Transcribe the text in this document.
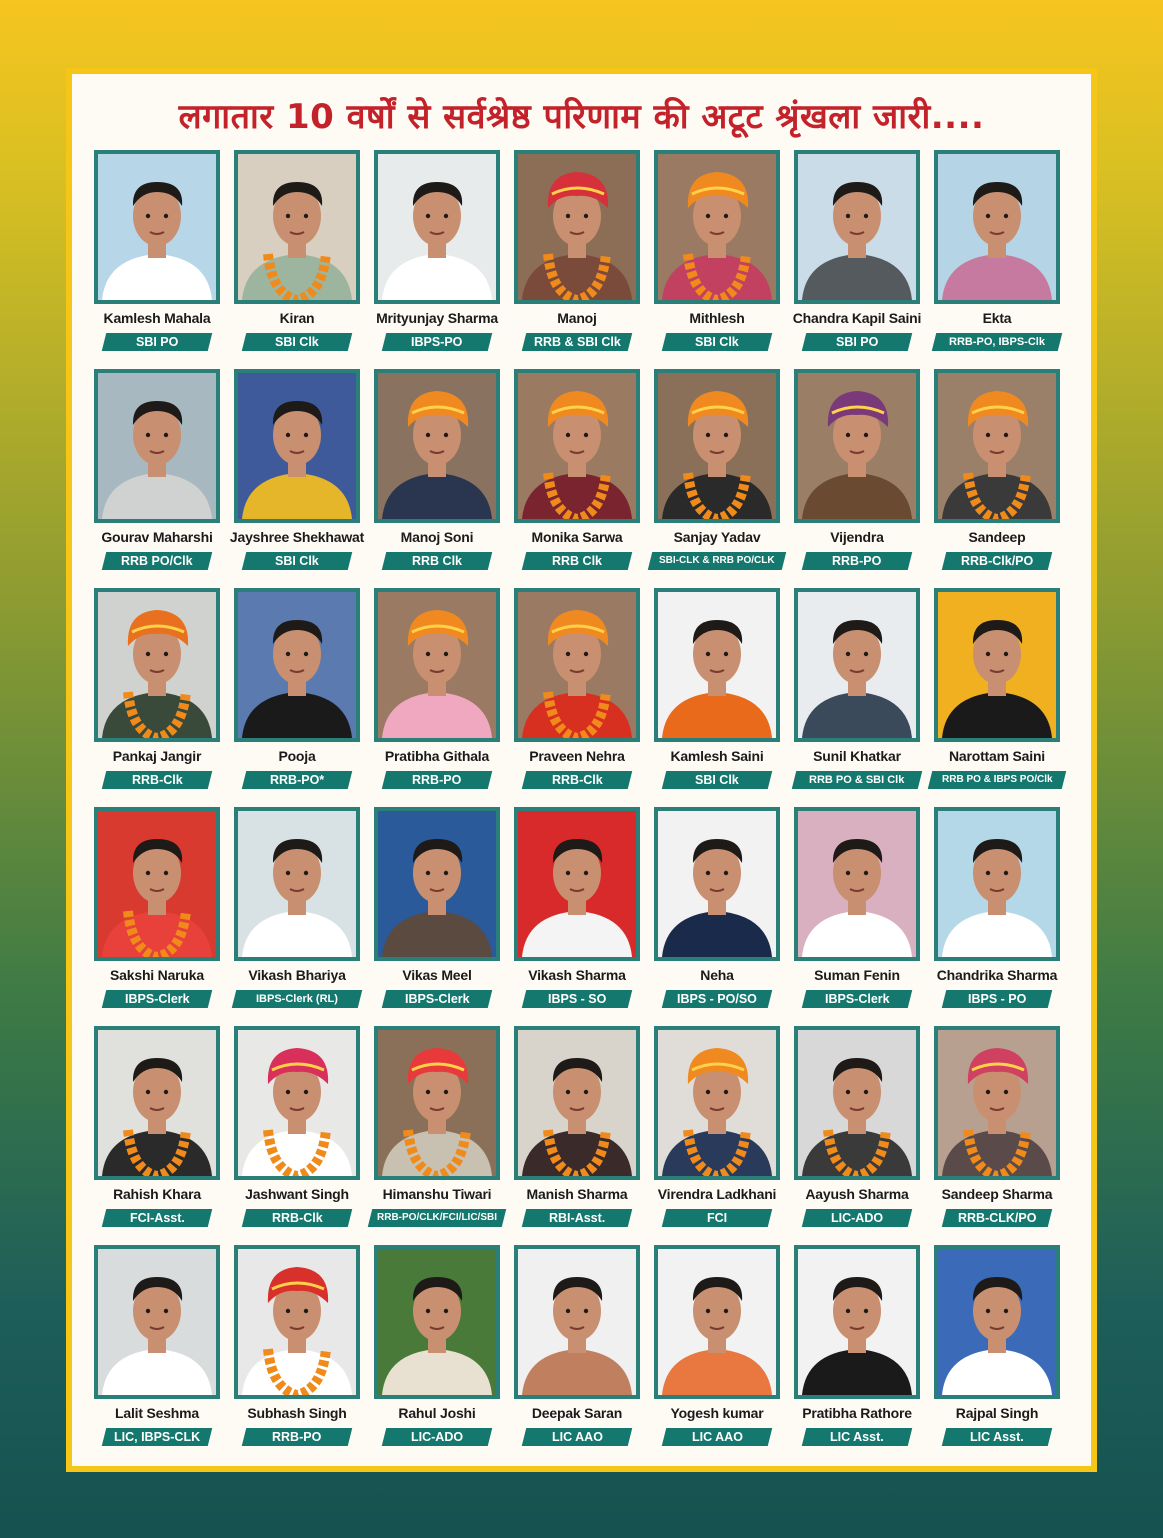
लगातार 10 वर्षों से सर्वश्रेष्ठ परिणाम की अटूट श्रृंखला जारी....
Kamlesh Mahala
SBI PO
Kiran
SBI Clk
Mrityunjay Sharma
IBPS-PO
Manoj
RRB & SBI Clk
Mithlesh
SBI Clk
Chandra Kapil Saini
SBI PO
Ekta
RRB-PO, IBPS-Clk
Gourav Maharshi
RRB PO/Clk
Jayshree Shekhawat
SBI Clk
Manoj Soni
RRB Clk
Monika Sarwa
RRB Clk
Sanjay Yadav
SBI-CLK & RRB PO/CLK
Vijendra
RRB-PO
Sandeep
RRB-Clk/PO
Pankaj Jangir
RRB-Clk
Pooja
RRB-PO*
Pratibha Githala
RRB-PO
Praveen Nehra
RRB-Clk
Kamlesh Saini
SBI Clk
Sunil Khatkar
RRB PO & SBI Clk
Narottam Saini
RRB PO & IBPS PO/Clk
Sakshi Naruka
IBPS-Clerk
Vikash Bhariya
IBPS-Clerk (RL)
Vikas Meel
IBPS-Clerk
Vikash Sharma
IBPS - SO
Neha
IBPS - PO/SO
Suman Fenin
IBPS-Clerk
Chandrika Sharma
IBPS - PO
Rahish Khara
FCI-Asst.
Jashwant Singh
RRB-Clk
Himanshu Tiwari
RRB-PO/CLK/FCI/LIC/SBI
Manish Sharma
RBI-Asst.
Virendra Ladkhani
FCI
Aayush Sharma
LIC-ADO
Sandeep Sharma
RRB-CLK/PO
Lalit Seshma
LIC, IBPS-CLK
Subhash Singh
RRB-PO
Rahul Joshi
LIC-ADO
Deepak Saran
LIC AAO
Yogesh kumar
LIC AAO
Pratibha Rathore
LIC Asst.
Rajpal Singh
LIC Asst.
